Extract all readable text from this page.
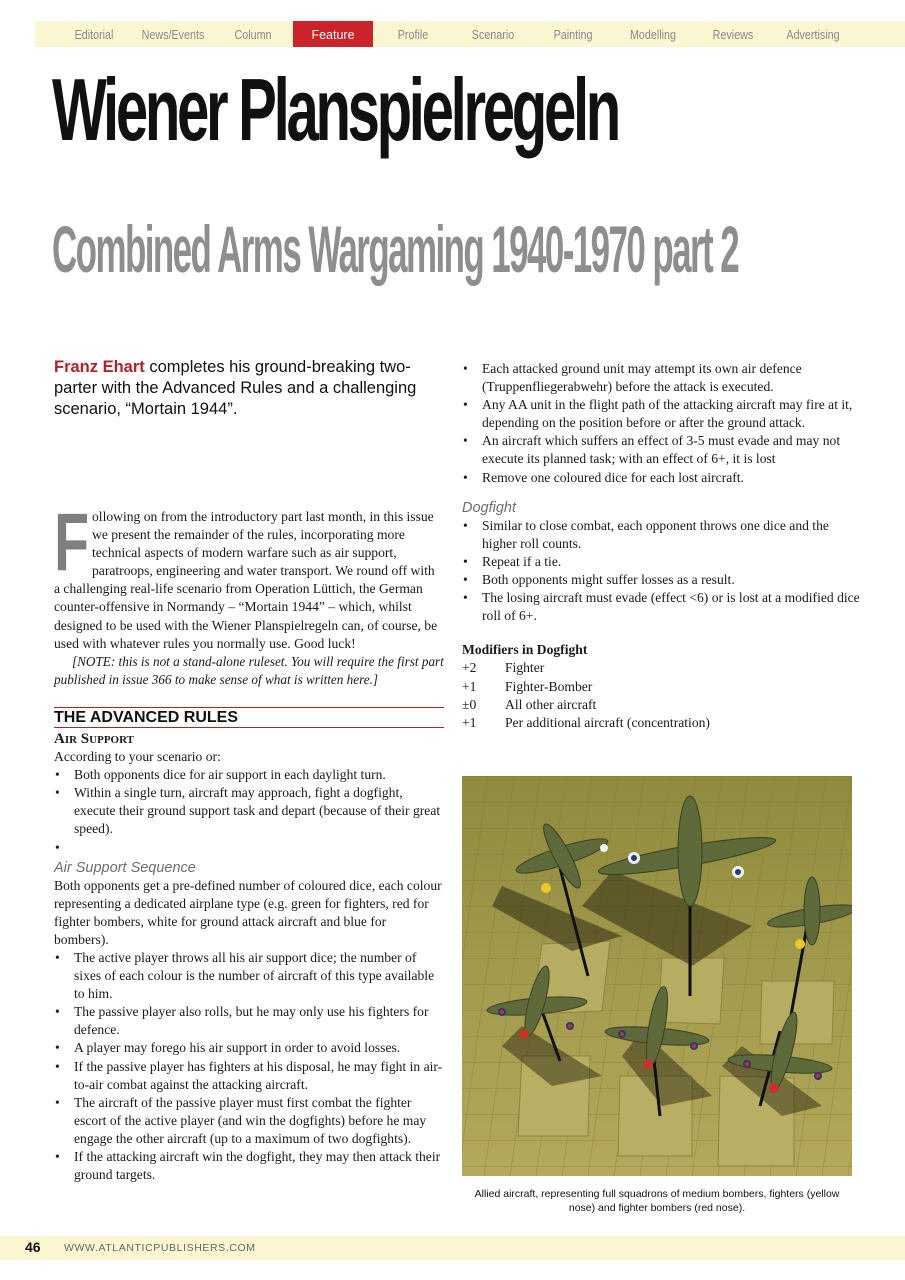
Editorial	News/Events	Column	Feature	Profile	Scenario	Painting	Modelling	Reviews	Advertising
Wiener Planspielregeln
Combined Arms Wargaming 1940-1970 part 2
Franz Ehart completes his ground-breaking two-parter with the Advanced Rules and a challenging scenario, “Mortain 1944”.

Following on from the introductory part last month, in this issue we present the remainder of the rules, incorporating more technical aspects of modern warfare such as air support, paratroops, engineering and water transport. We round off with a challenging real-life scenario from Operation Lüttich, the German counter-offensive in Normandy – “Mortain 1944” – which, whilst designed to be used with the Wiener Planspielregeln can, of course, be used with whatever rules you normally use. Good luck!

[NOTE: this is not a stand-alone ruleset. You will require the first part published in issue 366 to make sense of what is written here.]

THE ADVANCED RULES
Air Support

According to your scenario or:

• Both opponents dice for air support in each daylight turn.
• Within a single turn, aircraft may approach, fight a dogfight, execute their ground support task and depart (because of their great speed).
•
Air Support Sequence

Both opponents get a pre-defined number of coloured dice, each colour representing a dedicated airplane type (e.g. green for fighters, red for fighter bombers, white for ground attack aircraft and blue for bombers).

• The active player throws all his air support dice; the number of sixes of each colour is the number of aircraft of this type available to him.
• The passive player also rolls, but he may only use his fighters for defence.
• A player may forego his air support in order to avoid losses.
• If the passive player has fighters at his disposal, he may fight in air-to-air combat against the attacking aircraft.
• The aircraft of the passive player must first combat the fighter escort of the active player (and win the dogfights) before he may engage the other aircraft (up to a maximum of two dogfights).
• If the attacking aircraft win the dogfight, they may then attack their ground targets.
• Each attacked ground unit may attempt its own air defence (Truppenfliegerabwehr) before the attack is executed.
• Any AA unit in the flight path of the attacking aircraft may fire at it, depending on the position before or after the ground attack.
• An aircraft which suffers an effect of 3-5 must evade and may not execute its planned task; with an effect of 6+, it is lost
• Remove one coloured dice for each lost aircraft.
Dogfight
• Similar to close combat, each opponent throws one dice and the higher roll counts.
• Repeat if a tie.
• Both opponents might suffer losses as a result.
• The losing aircraft must evade (effect <6) or is lost at a modified dice roll of 6+.
Modifiers in Dogfight
+2	Fighter
+1	Fighter-Bomber
±0	All other aircraft
+1	Per additional aircraft (concentration)
Allied aircraft, representing full squadrons of medium bombers, fighters (yellow nose) and fighter bombers (red nose).
46 WWW.ATLANTICPUBLISHERS.COM
